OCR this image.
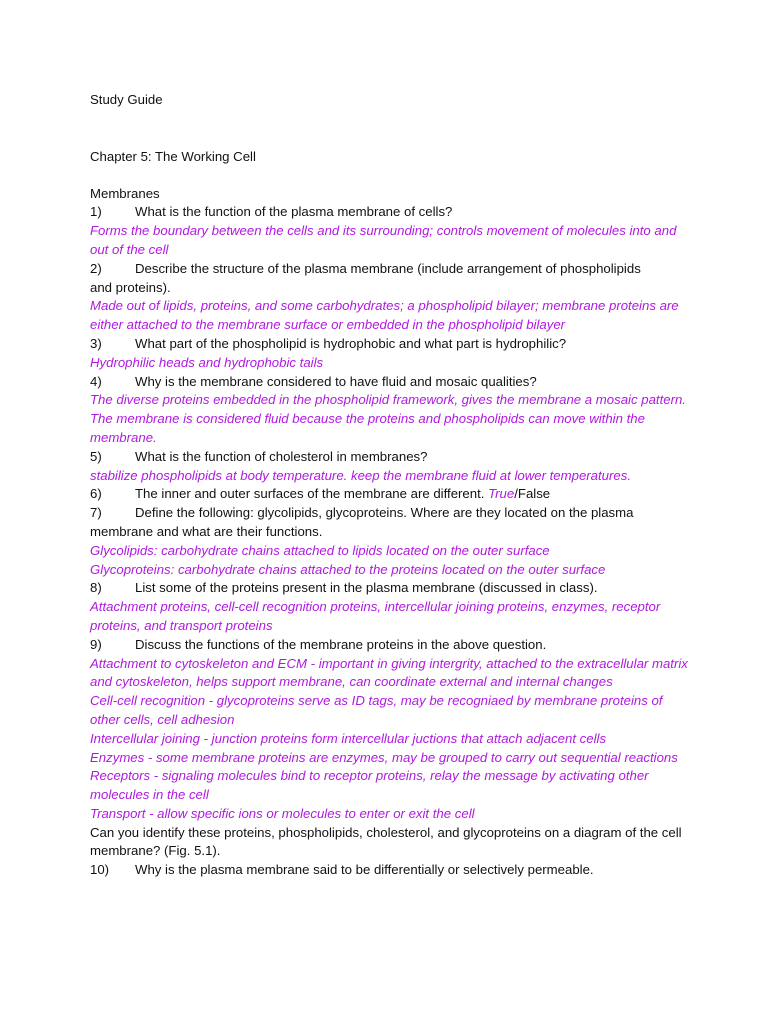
Study Guide
Chapter 5: The Working Cell
Membranes
1)	What is the function of the plasma membrane of cells?
Forms the boundary between the cells and its surrounding; controls movement of molecules into and out of the cell
2)	Describe the structure of the plasma membrane (include arrangement of phospholipids
and proteins).
Made out of lipids, proteins, and some carbohydrates; a phospholipid bilayer; membrane proteins are either attached to the membrane surface or embedded in the phospholipid bilayer
3)	What part of the phospholipid is hydrophobic and what part is hydrophilic?
Hydrophilic heads and hydrophobic tails
4)	Why is the membrane considered to have fluid and mosaic qualities?
The diverse proteins embedded in the phospholipid framework, gives the membrane a mosaic pattern. The membrane is considered fluid because the proteins and phospholipids can move within the membrane.
5)	What is the function of cholesterol in membranes?
stabilize phospholipids at body temperature. keep the membrane fluid at lower temperatures.
6)	The inner and outer surfaces of the membrane are different. True/False
7)	Define the following: glycolipids, glycoproteins. Where are they located on the plasma
membrane and what are their functions.
Glycolipids: carbohydrate chains attached to lipids located on the outer surface
Glycoproteins: carbohydrate chains attached to the proteins located on the outer surface
8)	List some of the proteins present in the plasma membrane (discussed in class).
Attachment proteins, cell-cell recognition proteins, intercellular joining proteins, enzymes, receptor proteins, and transport proteins
9)	Discuss the functions of the membrane proteins in the above question.
Attachment to cytoskeleton and ECM - important in giving intergrity, attached to the extracellular matrix and cytoskeleton, helps support membrane, can coordinate external and internal changes
Cell-cell recognition - glycoproteins serve as ID tags, may be recogniaed by membrane proteins of other cells, cell adhesion
Intercellular joining - junction proteins form intercellular juctions that attach adjacent cells
Enzymes - some membrane proteins are enzymes, may be grouped to carry out sequential reactions
Receptors - signaling molecules bind to receptor proteins, relay the message by activating other molecules in the cell
Transport - allow specific ions or molecules to enter or exit the cell
Can you identify these proteins, phospholipids, cholesterol, and glycoproteins on a diagram of the cell membrane? (Fig. 5.1).
10)	Why is the plasma membrane said to be differentially or selectively permeable.
